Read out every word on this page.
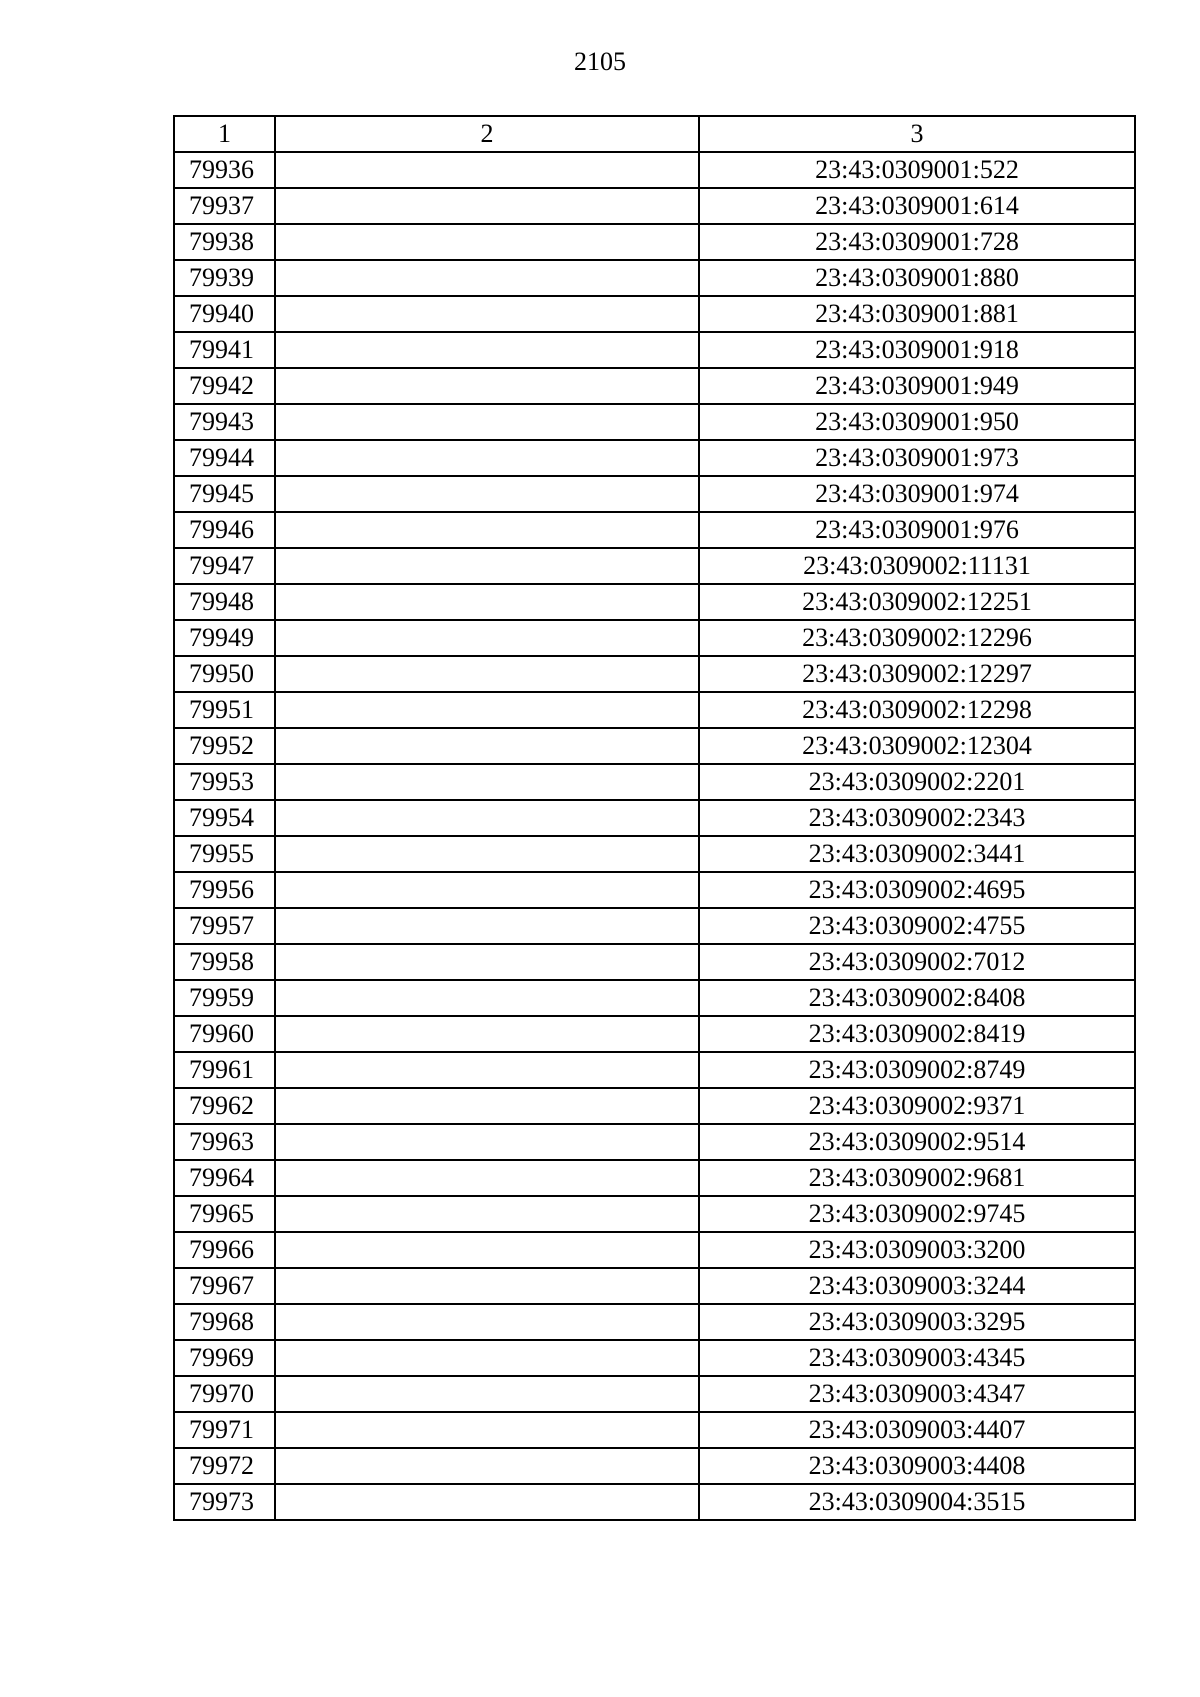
2105
1	2	3
79936		23:43:0309001:522
79937		23:43:0309001:614
79938		23:43:0309001:728
79939		23:43:0309001:880
79940		23:43:0309001:881
79941		23:43:0309001:918
79942		23:43:0309001:949
79943		23:43:0309001:950
79944		23:43:0309001:973
79945		23:43:0309001:974
79946		23:43:0309001:976
79947		23:43:0309002:11131
79948		23:43:0309002:12251
79949		23:43:0309002:12296
79950		23:43:0309002:12297
79951		23:43:0309002:12298
79952		23:43:0309002:12304
79953		23:43:0309002:2201
79954		23:43:0309002:2343
79955		23:43:0309002:3441
79956		23:43:0309002:4695
79957		23:43:0309002:4755
79958		23:43:0309002:7012
79959		23:43:0309002:8408
79960		23:43:0309002:8419
79961		23:43:0309002:8749
79962		23:43:0309002:9371
79963		23:43:0309002:9514
79964		23:43:0309002:9681
79965		23:43:0309002:9745
79966		23:43:0309003:3200
79967		23:43:0309003:3244
79968		23:43:0309003:3295
79969		23:43:0309003:4345
79970		23:43:0309003:4347
79971		23:43:0309003:4407
79972		23:43:0309003:4408
79973		23:43:0309004:3515
